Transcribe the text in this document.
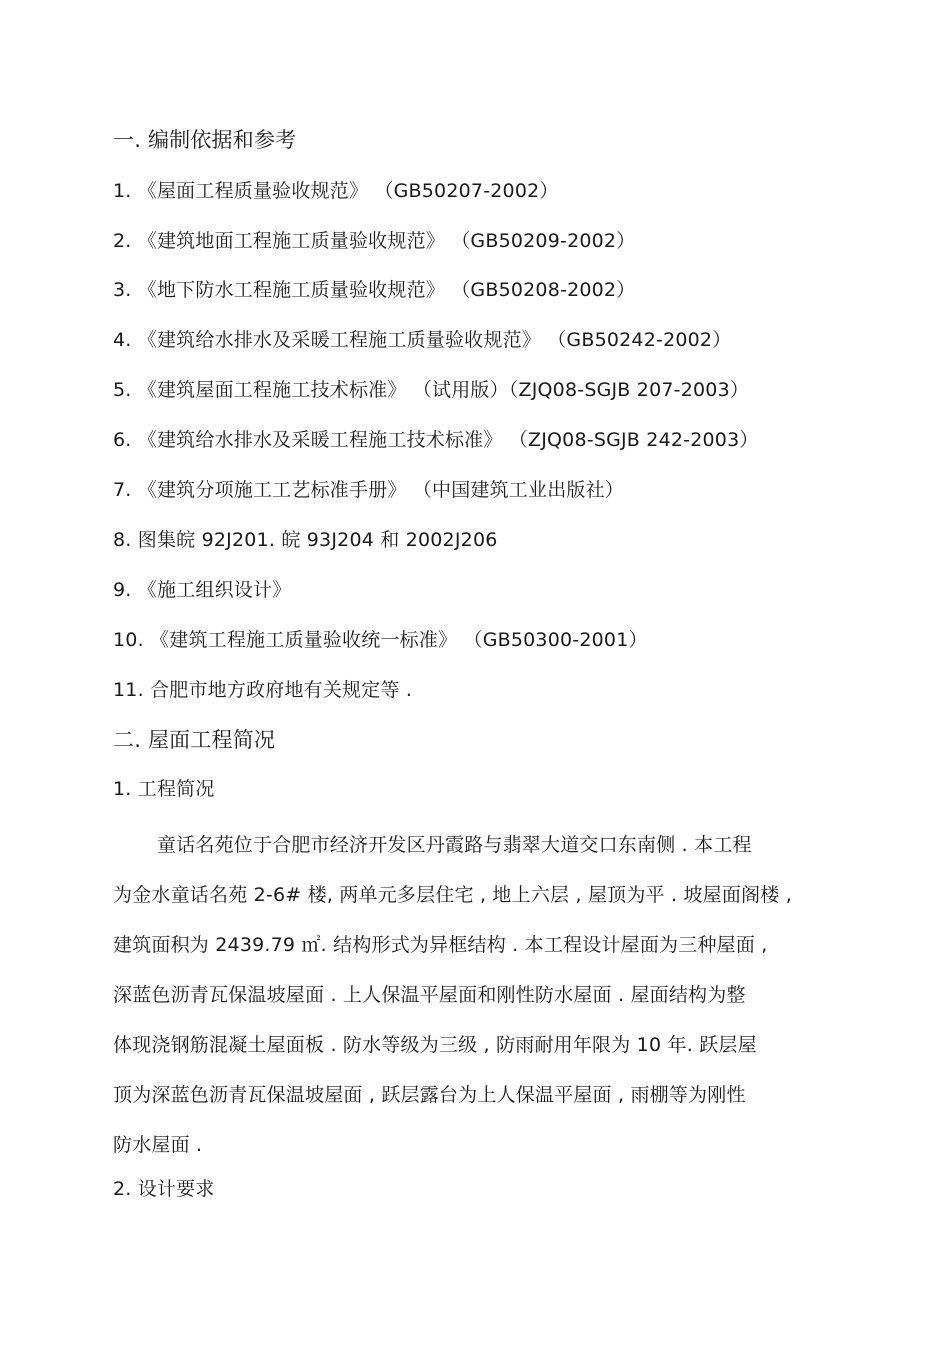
一. 编制依据和参考
1. 《屋面工程质量验收规范》 （GB50207-2002）
2. 《建筑地面工程施工质量验收规范》 （GB50209-2002）
3. 《地下防水工程施工质量验收规范》 （GB50208-2002）
4. 《建筑给水排水及采暖工程施工质量验收规范》 （GB50242-2002）
5. 《建筑屋面工程施工技术标准》 （试用版）（ZJQ08-SGJB 207-2003）
6. 《建筑给水排水及采暖工程施工技术标准》 （ZJQ08-SGJB 242-2003）
7. 《建筑分项施工工艺标准手册》 （中国建筑工业出版社）
8. 图集皖 92J201. 皖 93J204 和 2002J206
9. 《施工组织设计》
10. 《建筑工程施工质量验收统一标准》 （GB50300-2001）
11. 合肥市地方政府地有关规定等 .
二. 屋面工程简况
1. 工程简况
童话名苑位于合肥市经济开发区丹霞路与翡翠大道交口东南侧 . 本工程
为金水童话名苑 2-6# 楼, 两单元多层住宅 , 地上六层 , 屋顶为平 . 坡屋面阁楼 ,
建筑面积为 2439.79 ㎡. 结构形式为异框结构 . 本工程设计屋面为三种屋面 ,
深蓝色沥青瓦保温坡屋面 . 上人保温平屋面和刚性防水屋面 . 屋面结构为整
体现浇钢筋混凝土屋面板 . 防水等级为三级 , 防雨耐用年限为 10 年. 跃层屋
顶为深蓝色沥青瓦保温坡屋面 , 跃层露台为上人保温平屋面 , 雨棚等为刚性
防水屋面 .
2. 设计要求
